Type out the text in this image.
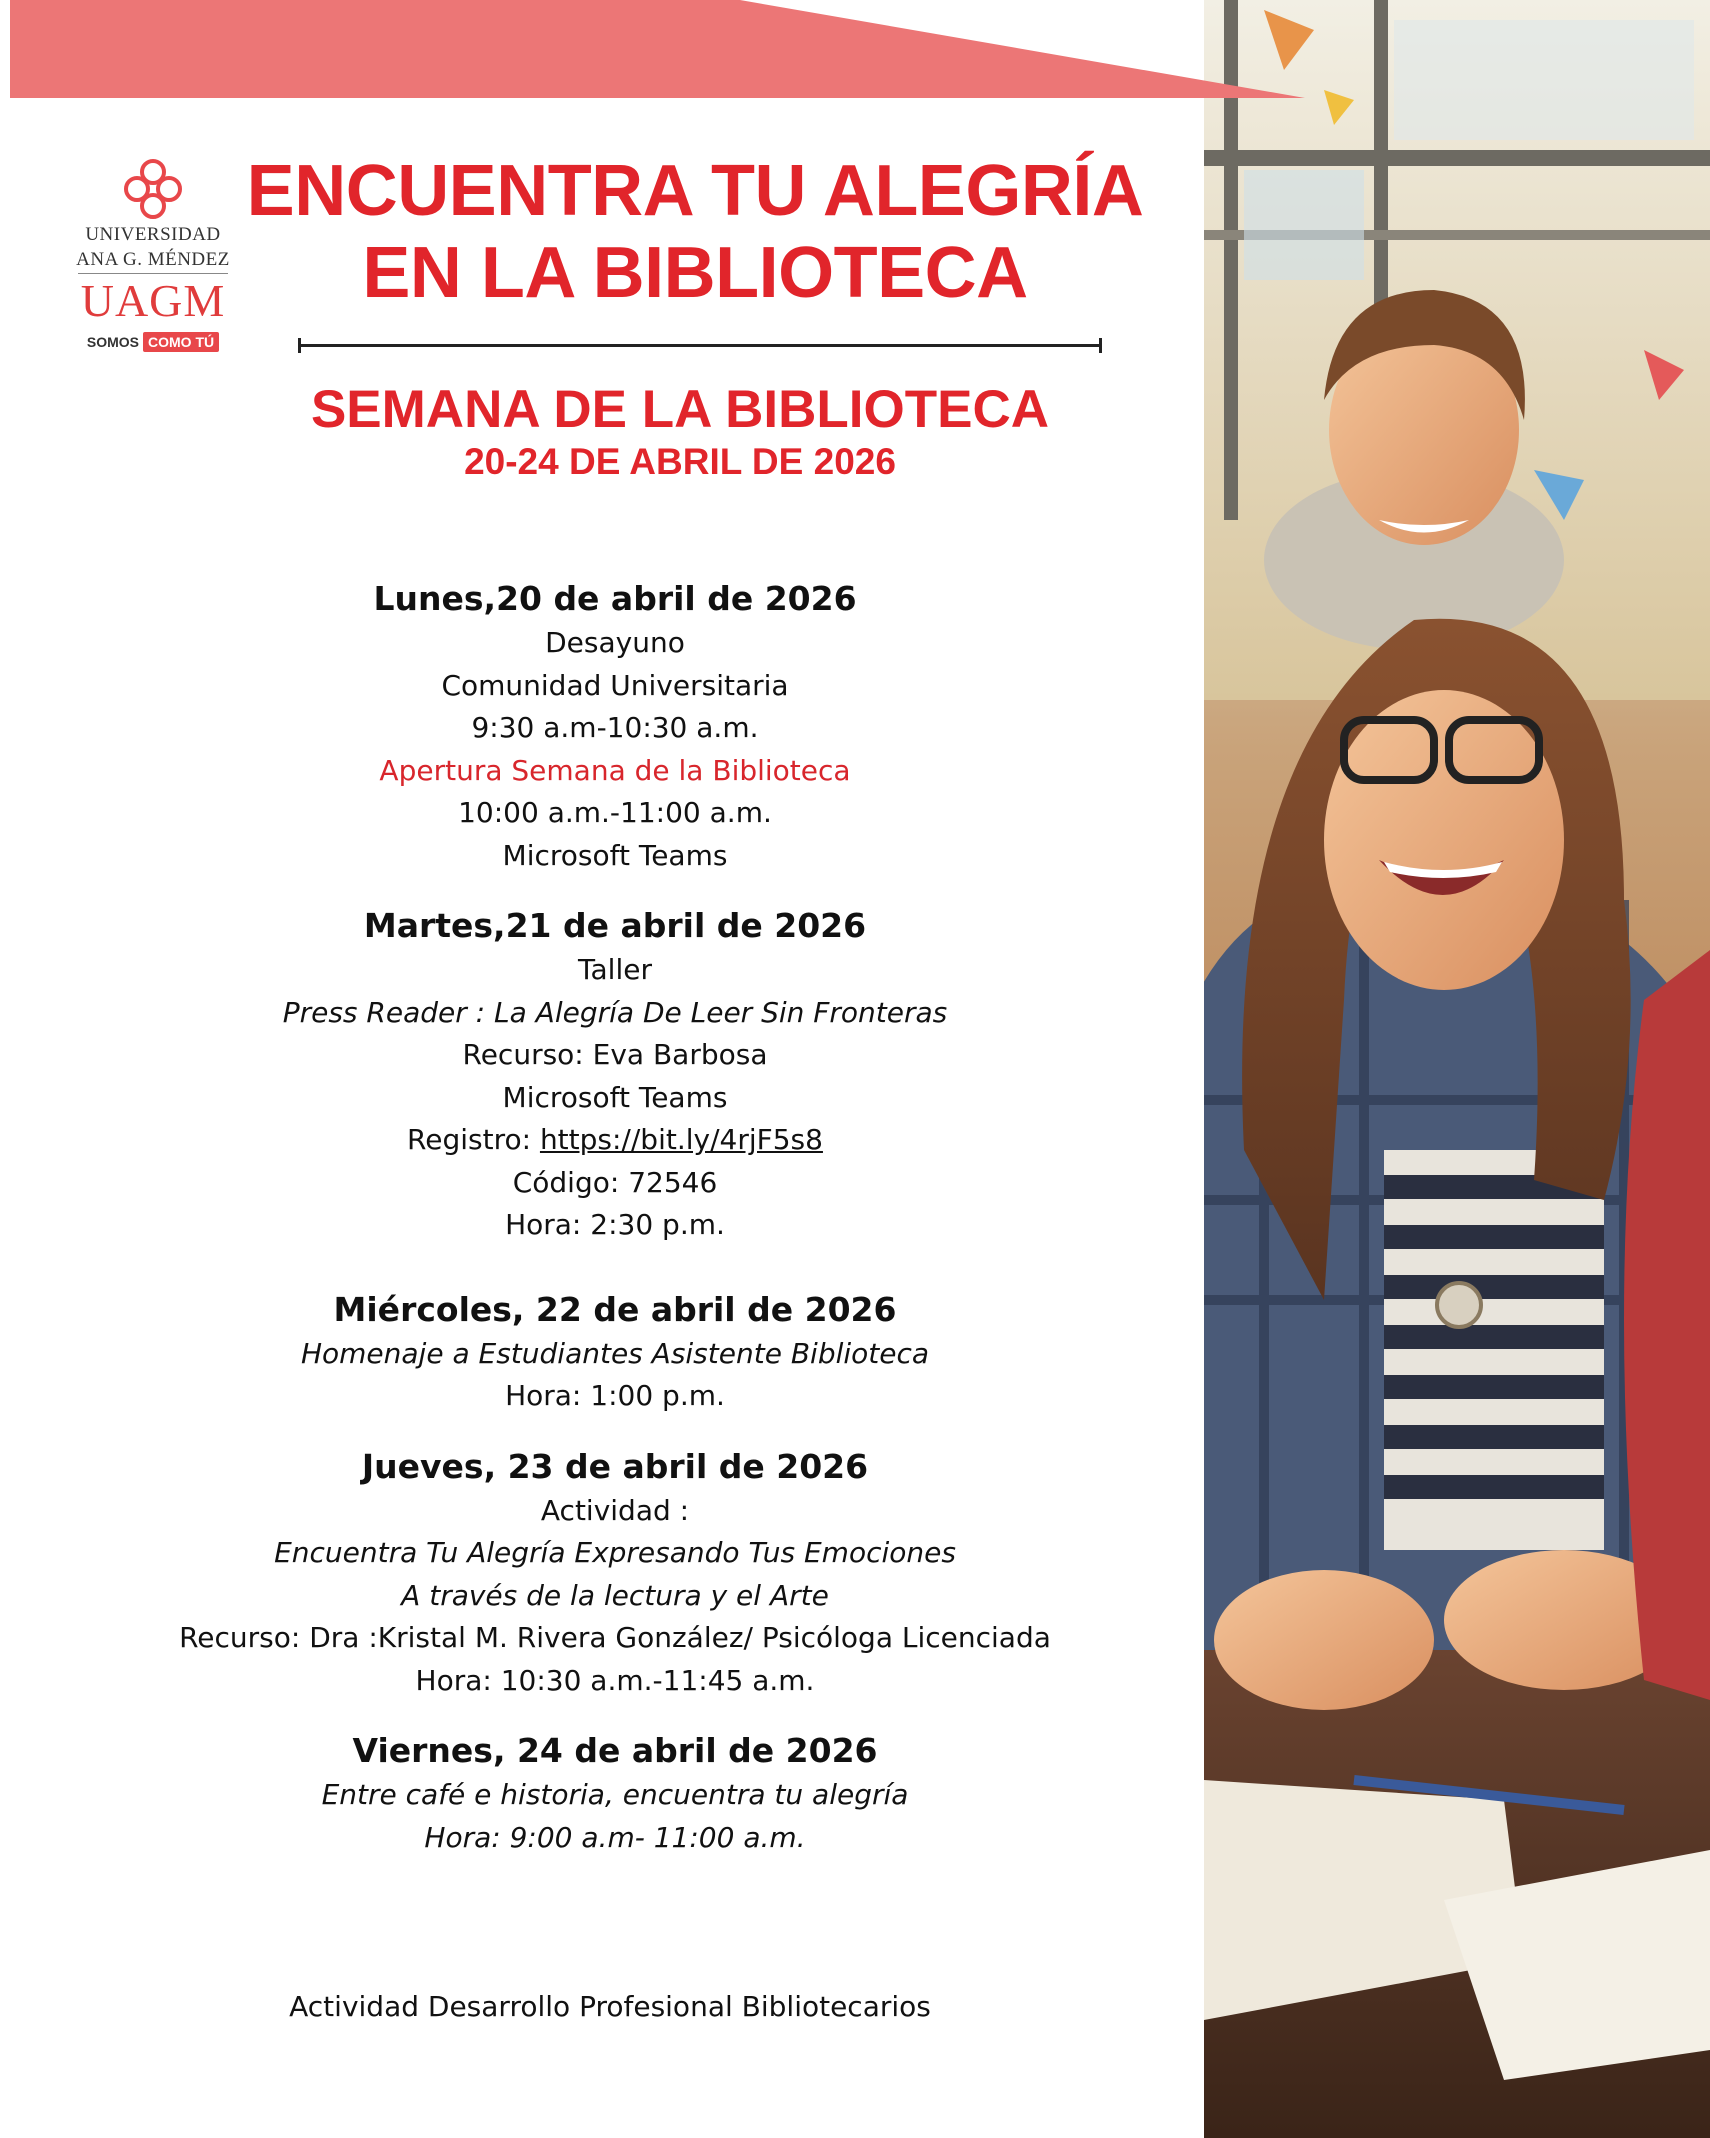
UNIVERSIDAD
ANA G. MÉNDEZ
UAGM
SOMOS COMO TÚ
ENCUENTRA TU ALEGRÍA
EN LA BIBLIOTECA
SEMANA DE LA BIBLIOTECA
20-24 DE ABRIL DE 2026
Lunes,20 de abril de 2026
Desayuno
Comunidad Universitaria
9:30 a.m-10:30 a.m.
Apertura Semana de la Biblioteca
10:00 a.m.-11:00 a.m.
Microsoft Teams
Martes,21 de abril de 2026
Taller
Press Reader : La Alegría De Leer Sin Fronteras
Recurso: Eva Barbosa
Microsoft Teams
Registro: https://bit.ly/4rjF5s8
Código: 72546
Hora: 2:30 p.m.
Miércoles, 22 de abril de 2026
Homenaje a Estudiantes Asistente Biblioteca
Hora: 1:00 p.m.
Jueves, 23 de abril de 2026
Actividad :
Encuentra Tu Alegría Expresando Tus Emociones
A través de la lectura y el Arte
Recurso: Dra :Kristal M. Rivera González/ Psicóloga Licenciada
Hora: 10:30 a.m.-11:45 a.m.
Viernes, 24 de abril de 2026
Entre café e historia, encuentra tu alegría
Hora: 9:00 a.m- 11:00 a.m.
Actividad Desarrollo Profesional Bibliotecarios
